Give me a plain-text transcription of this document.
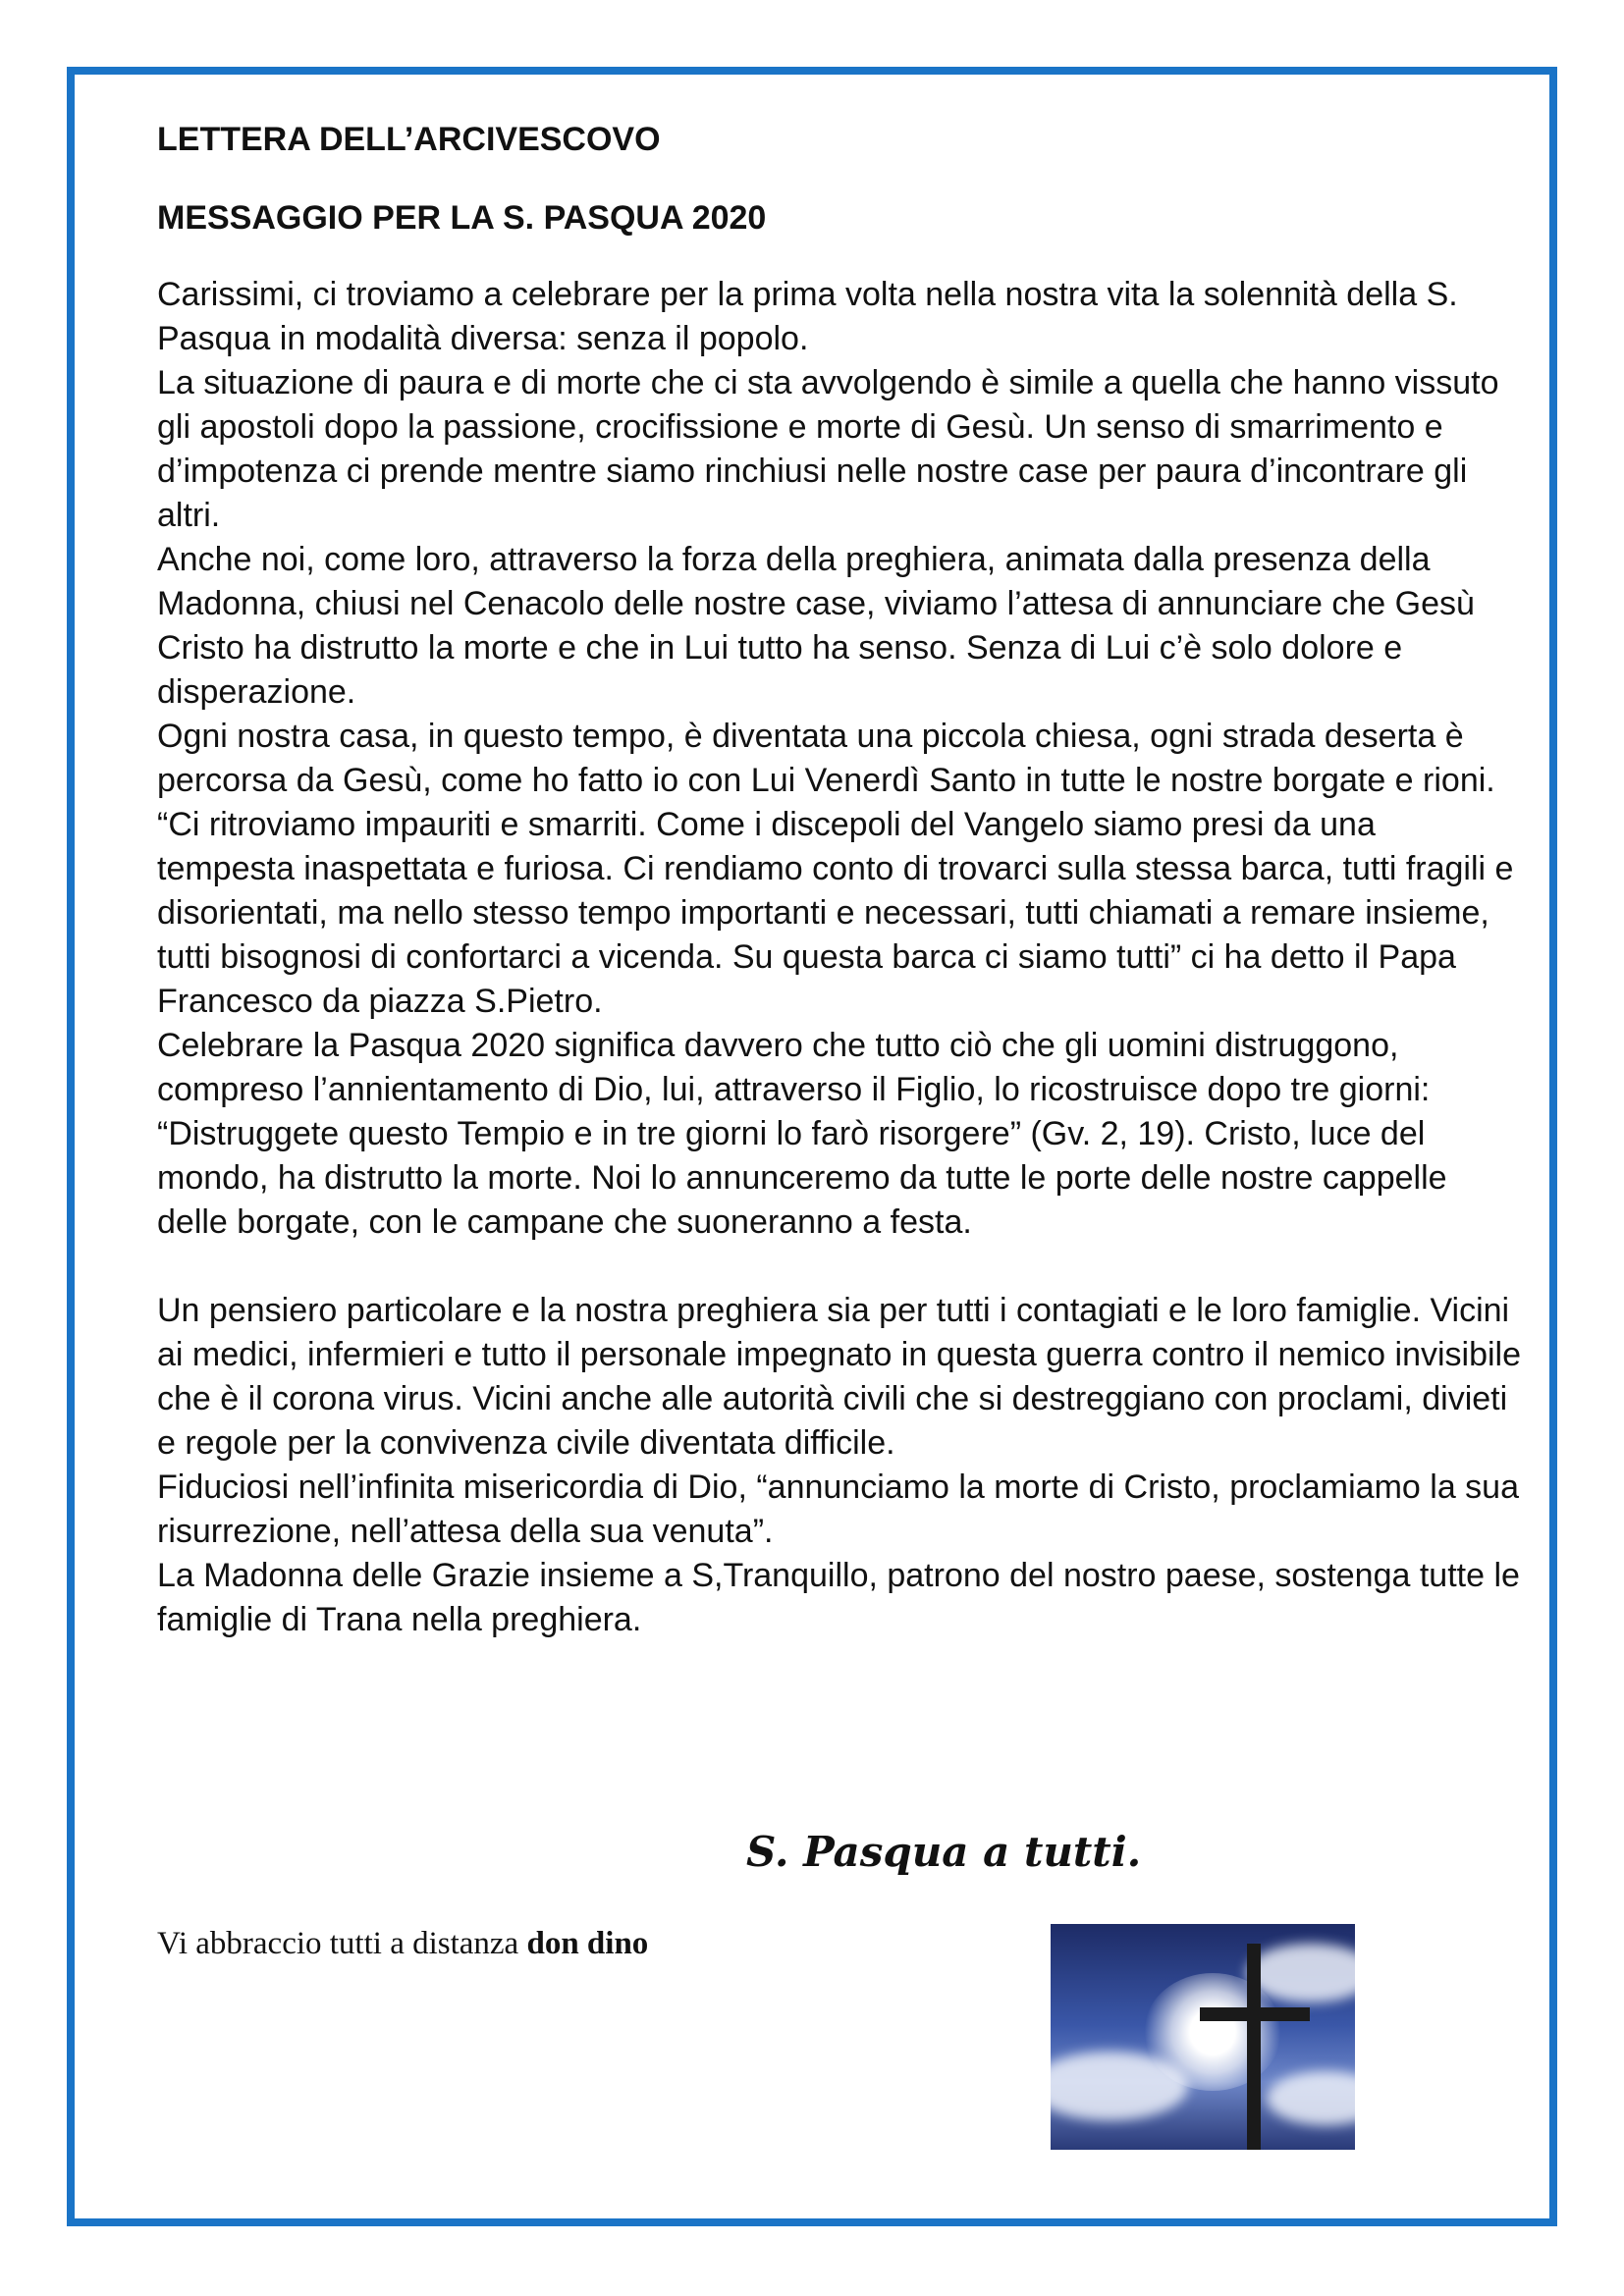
LETTERA DELL’ARCIVESCOVO

MESSAGGIO PER LA S. PASQUA 2020

Carissimi, ci troviamo a celebrare per la prima volta nella nostra vita la solennità della S. Pasqua in modalità diversa: senza il popolo.

La situazione di paura e di morte che ci sta avvolgendo è simile a quella che hanno vissuto gli apostoli dopo la passione, crocifissione e morte di Gesù. Un senso di smarrimento e d’impotenza ci prende mentre siamo rinchiusi nelle nostre case per paura d’incontrare gli altri.

Anche noi, come loro, attraverso la forza della preghiera, animata dalla presenza della Madonna, chiusi nel Cenacolo delle nostre case, viviamo l’attesa di annunciare che Gesù Cristo ha distrutto la morte e che in Lui tutto ha senso. Senza di Lui c’è solo dolore e disperazione.

Ogni nostra casa, in questo tempo, è diventata una piccola chiesa, ogni strada deserta è percorsa da Gesù, come ho fatto io con Lui Venerdì Santo in tutte le nostre borgate e rioni.

“Ci ritroviamo impauriti e smarriti. Come i discepoli del Vangelo siamo presi da una tempesta inaspettata e furiosa. Ci rendiamo conto di trovarci sulla stessa barca, tutti fragili e disorientati, ma nello stesso tempo importanti e necessari, tutti chiamati a remare insieme, tutti bisognosi di confortarci a vicenda. Su questa barca ci siamo tutti” ci ha detto il Papa Francesco da piazza S.Pietro.

Celebrare la Pasqua 2020 significa davvero che tutto ciò che gli uomini distruggono, compreso l’annientamento di Dio, lui, attraverso il Figlio, lo ricostruisce dopo tre giorni: “Distruggete questo Tempio e in tre giorni lo farò risorgere” (Gv. 2, 19). Cristo, luce del mondo, ha distrutto la morte. Noi lo annunceremo da tutte le porte delle nostre cappelle delle borgate, con le campane che suoneranno a festa.

Un pensiero particolare e la nostra preghiera sia per tutti i contagiati e le loro famiglie. Vicini ai medici, infermieri e tutto il personale impegnato in questa guerra contro il nemico invisibile che è il corona virus. Vicini anche alle autorità civili che si destreggiano con proclami, divieti e regole per la convivenza civile diventata difficile.

Fiduciosi nell’infinita misericordia di Dio, “annunciamo la morte di Cristo, proclamiamo la sua risurrezione, nell’attesa della sua venuta”.

La Madonna delle Grazie insieme a S,Tranquillo, patrono del nostro paese, sostenga tutte le famiglie di Trana nella preghiera.

S. Pasqua a tutti.
Vi abbraccio tutti a distanza don dino
